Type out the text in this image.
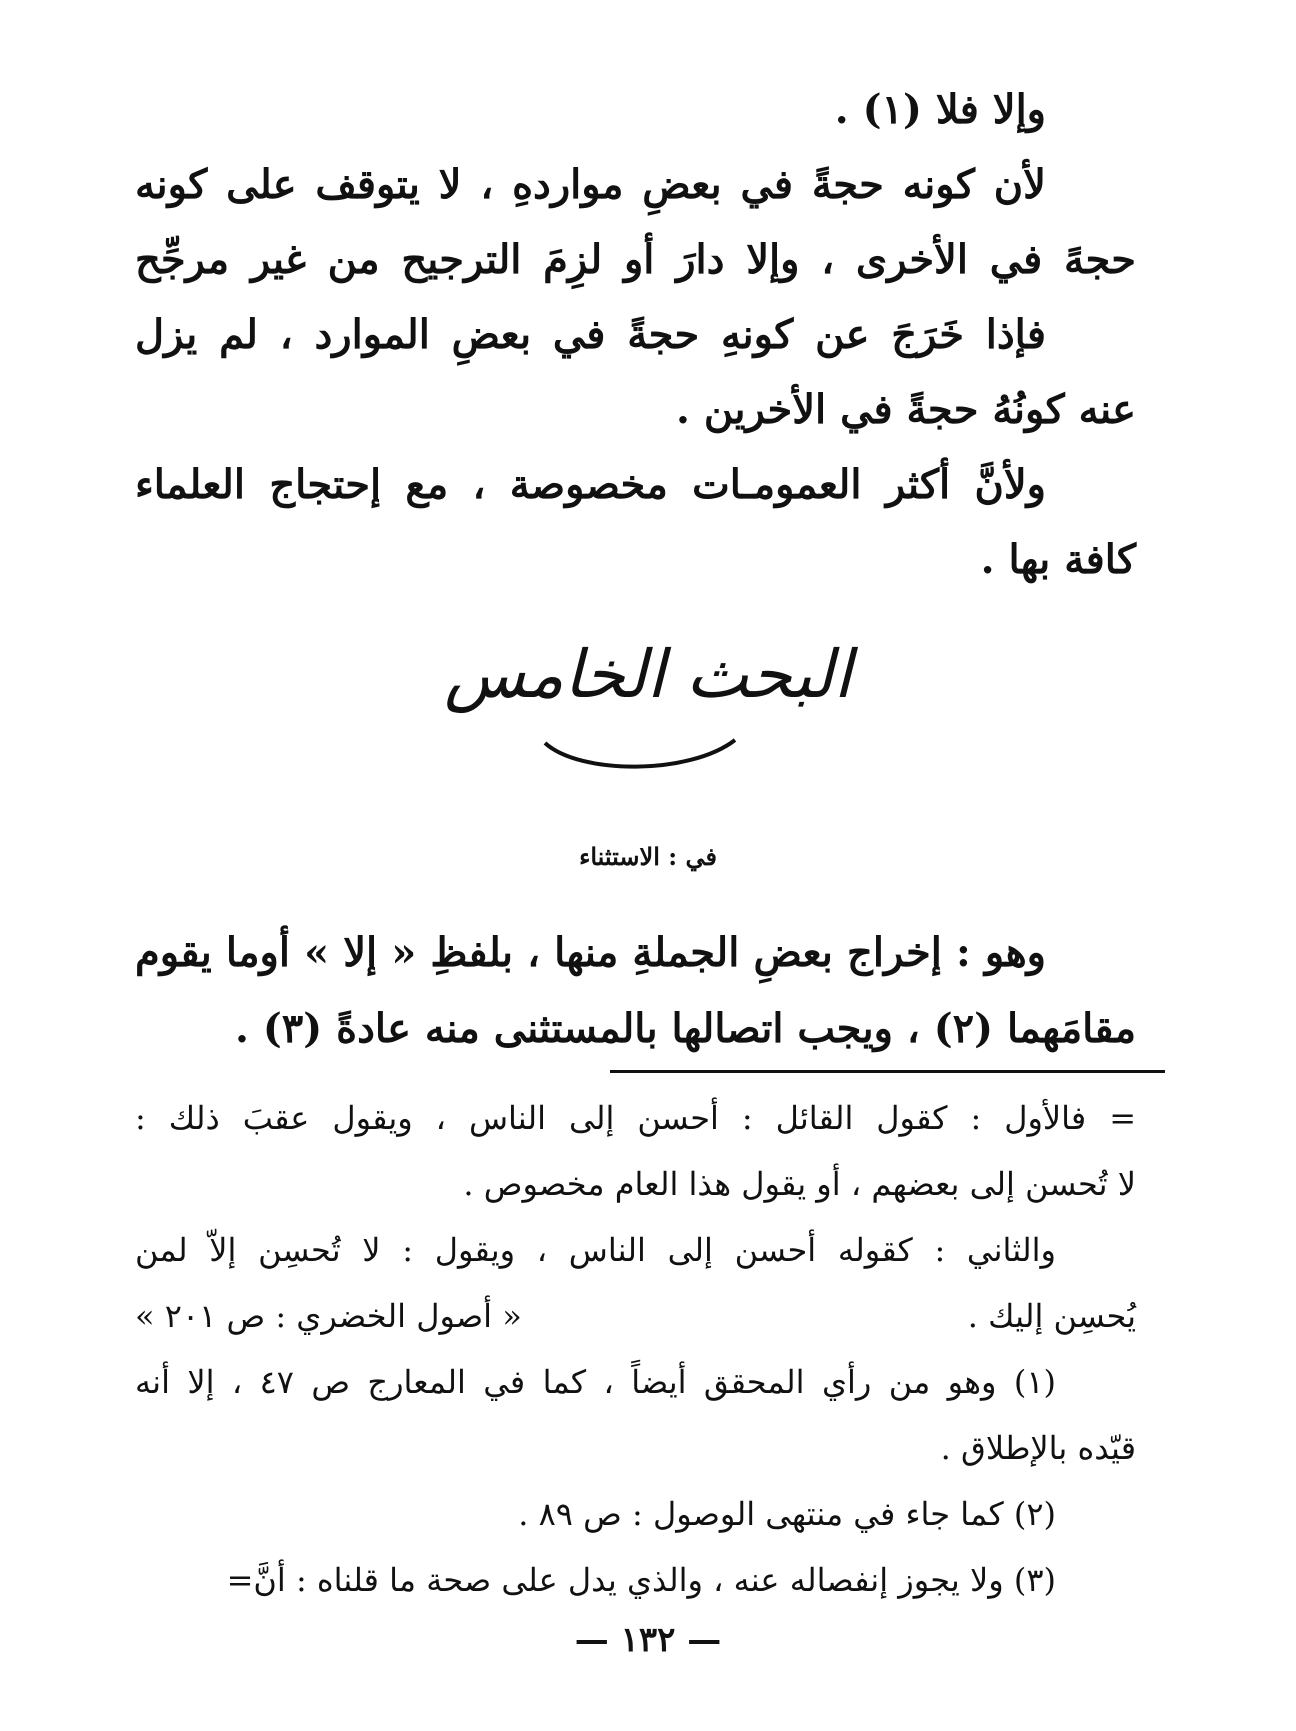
وإلا فلا (١) .

لأن كونه حجةً في بعضِ مواردهِ ، لا يتوقف على كونه

حجهً في الأخرى ، وإلا دارَ أو لزِمَ الترجيح من غير مرجِّح

فإذا خَرَجَ عن كونهِ حجةً في بعضِ الموارد ، لم يزل

عنه كونُهُ حجةً في الأخرين .

ولأنَّ أكثر العمومـات مخصوصة ، مع إحتجاج العلماء

كافة بها .

البحث الخامس
في : الاستثناء

وهو : إخراج بعضِ الجملةِ منها ، بلفظِ « إلا » أوما يقوم

مقامَهما (٢) ، ويجب اتصالها بالمستثنى منه عادةً (٣) .

= فالأول : كقول القائل : أحسن إلى الناس ، ويقول عقبَ ذلك :

لا تُحسن إلى بعضهم ، أو يقول هذا العام مخصوص .

والثاني : كقوله أحسن إلى الناس ، ويقول : لا تُحسِن إلاّ لمن

يُحسِن إليك .
« أصول الخضري : ص ٢٠١ »

(١) وهو من رأي المحقق أيضاً ، كما في المعارج ص ٤٧ ، إلا أنه

قيّده بالإطلاق .

(٢) كما جاء في منتهى الوصول : ص ٨٩ .

(٣) ولا يجوز إنفصاله عنه ، والذي يدل على صحة ما قلناه : أنَّ=

— ١٣٢ —
